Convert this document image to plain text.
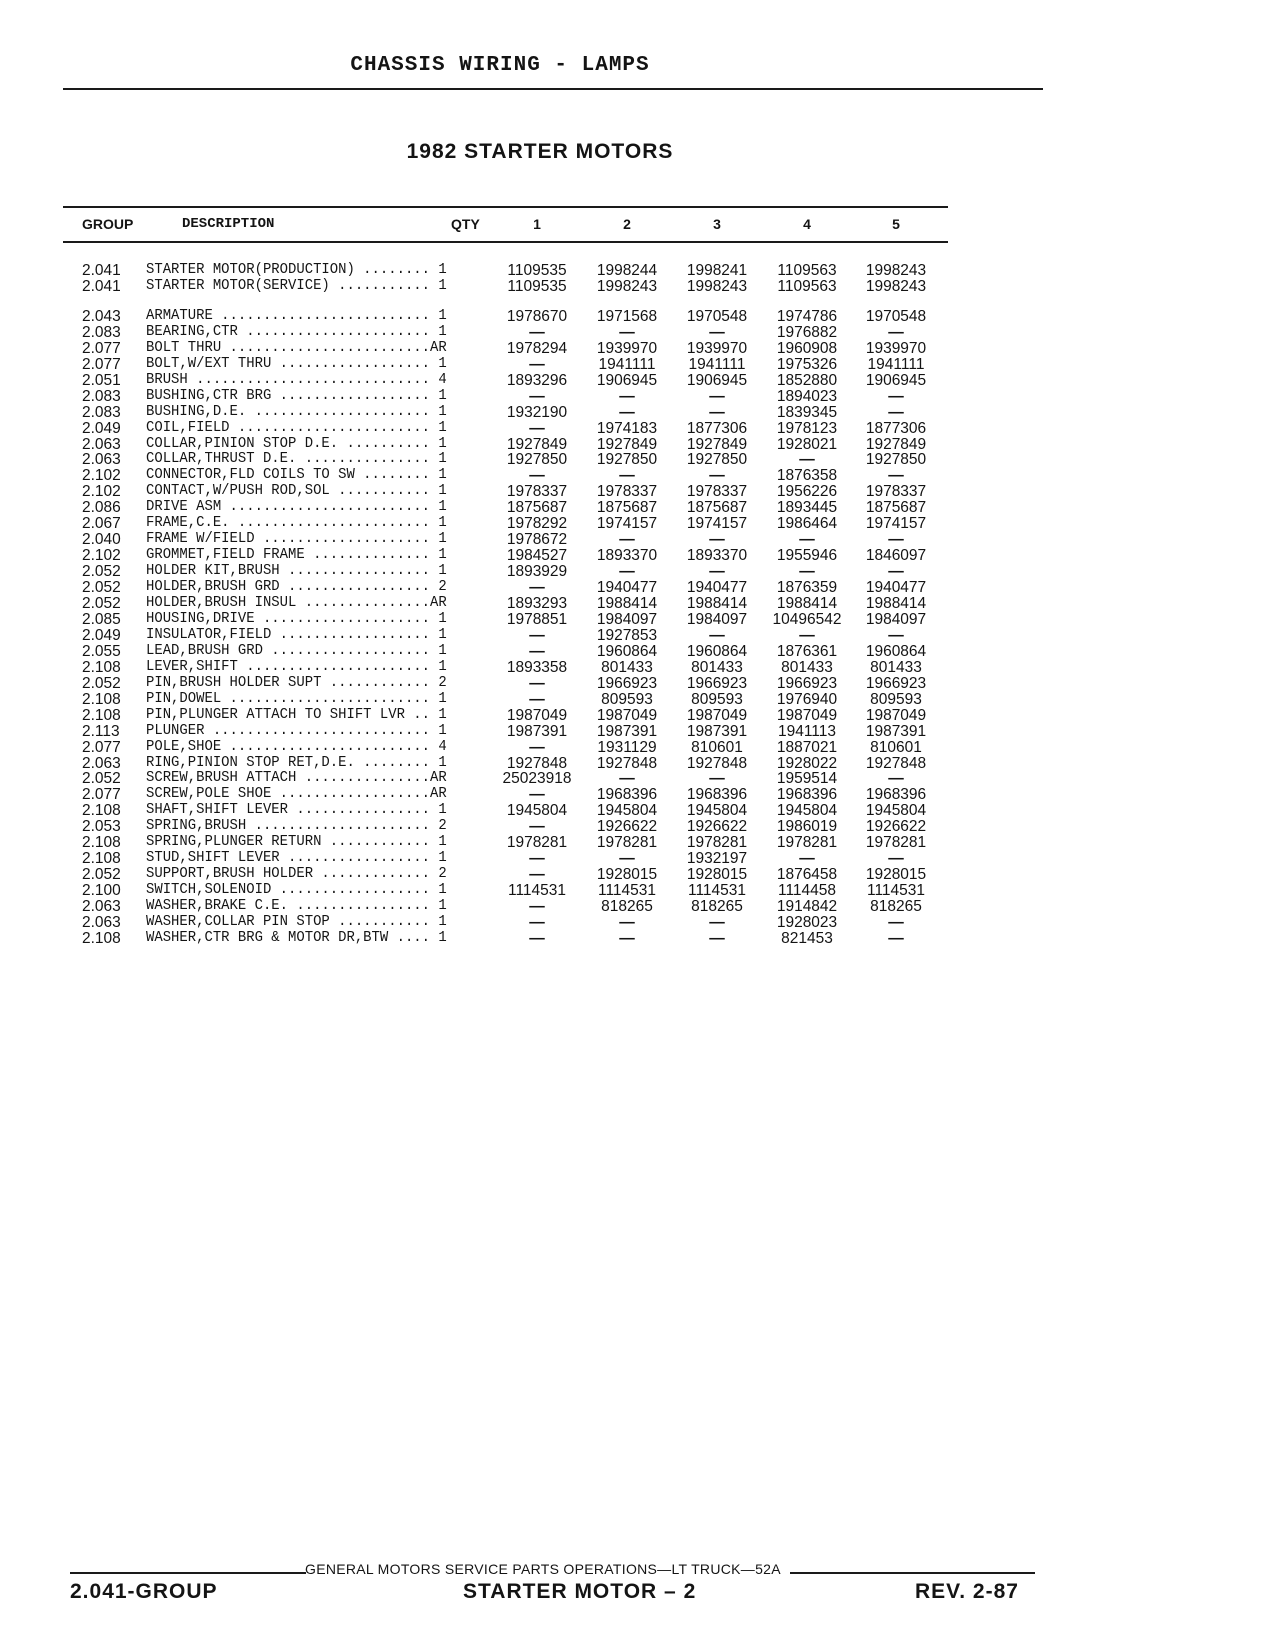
CHASSIS WIRING - LAMPS
1982 STARTER MOTORS
GROUP	DESCRIPTION	QTY	1	2	3	4	5
2.041 STARTER MOTOR(PRODUCTION) ........ 1	1109535	1998244	1998241	1109563	1998243
2.041 STARTER MOTOR(SERVICE) ........... 1	1109535	1998243	1998243	1109563	1998243
2.043 ARMATURE ......................... 1	1978670	1971568	1970548	1974786	1970548
2.083 BEARING,CTR ...................... 1	—	—	—	1976882	—
2.077 BOLT THRU ........................AR	1978294	1939970	1939970	1960908	1939970
2.077 BOLT,W/EXT THRU .................. 1	—	1941111	1941111	1975326	1941111
2.051 BRUSH ............................ 4	1893296	1906945	1906945	1852880	1906945
2.083 BUSHING,CTR BRG .................. 1	—	—	—	1894023	—
2.083 BUSHING,D.E. ..................... 1	1932190	—	—	1839345	—
2.049 COIL,FIELD ....................... 1	—	1974183	1877306	1978123	1877306
2.063 COLLAR,PINION STOP D.E. .......... 1	1927849	1927849	1927849	1928021	1927849
2.063 COLLAR,THRUST D.E. ............... 1	1927850	1927850	1927850	—	1927850
2.102 CONNECTOR,FLD COILS TO SW ........ 1	—	—	—	1876358	—
2.102 CONTACT,W/PUSH ROD,SOL ........... 1	1978337	1978337	1978337	1956226	1978337
2.086 DRIVE ASM ........................ 1	1875687	1875687	1875687	1893445	1875687
2.067 FRAME,C.E. ....................... 1	1978292	1974157	1974157	1986464	1974157
2.040 FRAME W/FIELD .................... 1	1978672	—	—	—	—
2.102 GROMMET,FIELD FRAME .............. 1	1984527	1893370	1893370	1955946	1846097
2.052 HOLDER KIT,BRUSH ................. 1	1893929	—	—	—	—
2.052 HOLDER,BRUSH GRD ................. 2	—	1940477	1940477	1876359	1940477
2.052 HOLDER,BRUSH INSUL ...............AR	1893293	1988414	1988414	1988414	1988414
2.085 HOUSING,DRIVE .................... 1	1978851	1984097	1984097	10496542	1984097
2.049 INSULATOR,FIELD .................. 1	—	1927853	—	—	—
2.055 LEAD,BRUSH GRD ................... 1	—	1960864	1960864	1876361	1960864
2.108 LEVER,SHIFT ...................... 1	1893358	801433	801433	801433	801433
2.052 PIN,BRUSH HOLDER SUPT ............ 2	—	1966923	1966923	1966923	1966923
2.108 PIN,DOWEL ........................ 1	—	809593	809593	1976940	809593
2.108 PIN,PLUNGER ATTACH TO SHIFT LVR .. 1	1987049	1987049	1987049	1987049	1987049
2.113 PLUNGER .......................... 1	1987391	1987391	1987391	1941113	1987391
2.077 POLE,SHOE ........................ 4	—	1931129	810601	1887021	810601
2.063 RING,PINION STOP RET,D.E. ........ 1	1927848	1927848	1927848	1928022	1927848
2.052 SCREW,BRUSH ATTACH ...............AR	25023918	—	—	1959514	—
2.077 SCREW,POLE SHOE ..................AR	—	1968396	1968396	1968396	1968396
2.108 SHAFT,SHIFT LEVER ................ 1	1945804	1945804	1945804	1945804	1945804
2.053 SPRING,BRUSH ..................... 2	—	1926622	1926622	1986019	1926622
2.108 SPRING,PLUNGER RETURN ............ 1	1978281	1978281	1978281	1978281	1978281
2.108 STUD,SHIFT LEVER ................. 1	—	—	1932197	—	—
2.052 SUPPORT,BRUSH HOLDER ............. 2	—	1928015	1928015	1876458	1928015
2.100 SWITCH,SOLENOID .................. 1	1114531	1114531	1114531	1114458	1114531
2.063 WASHER,BRAKE C.E. ................ 1	—	818265	818265	1914842	818265
2.063 WASHER,COLLAR PIN STOP ........... 1	—	—	—	1928023	—
2.108 WASHER,CTR BRG & MOTOR DR,BTW .... 1	—	—	—	821453	—
GENERAL MOTORS SERVICE PARTS OPERATIONS—LT TRUCK—52A
2.041-GROUP	STARTER MOTOR – 2	REV. 2-87
